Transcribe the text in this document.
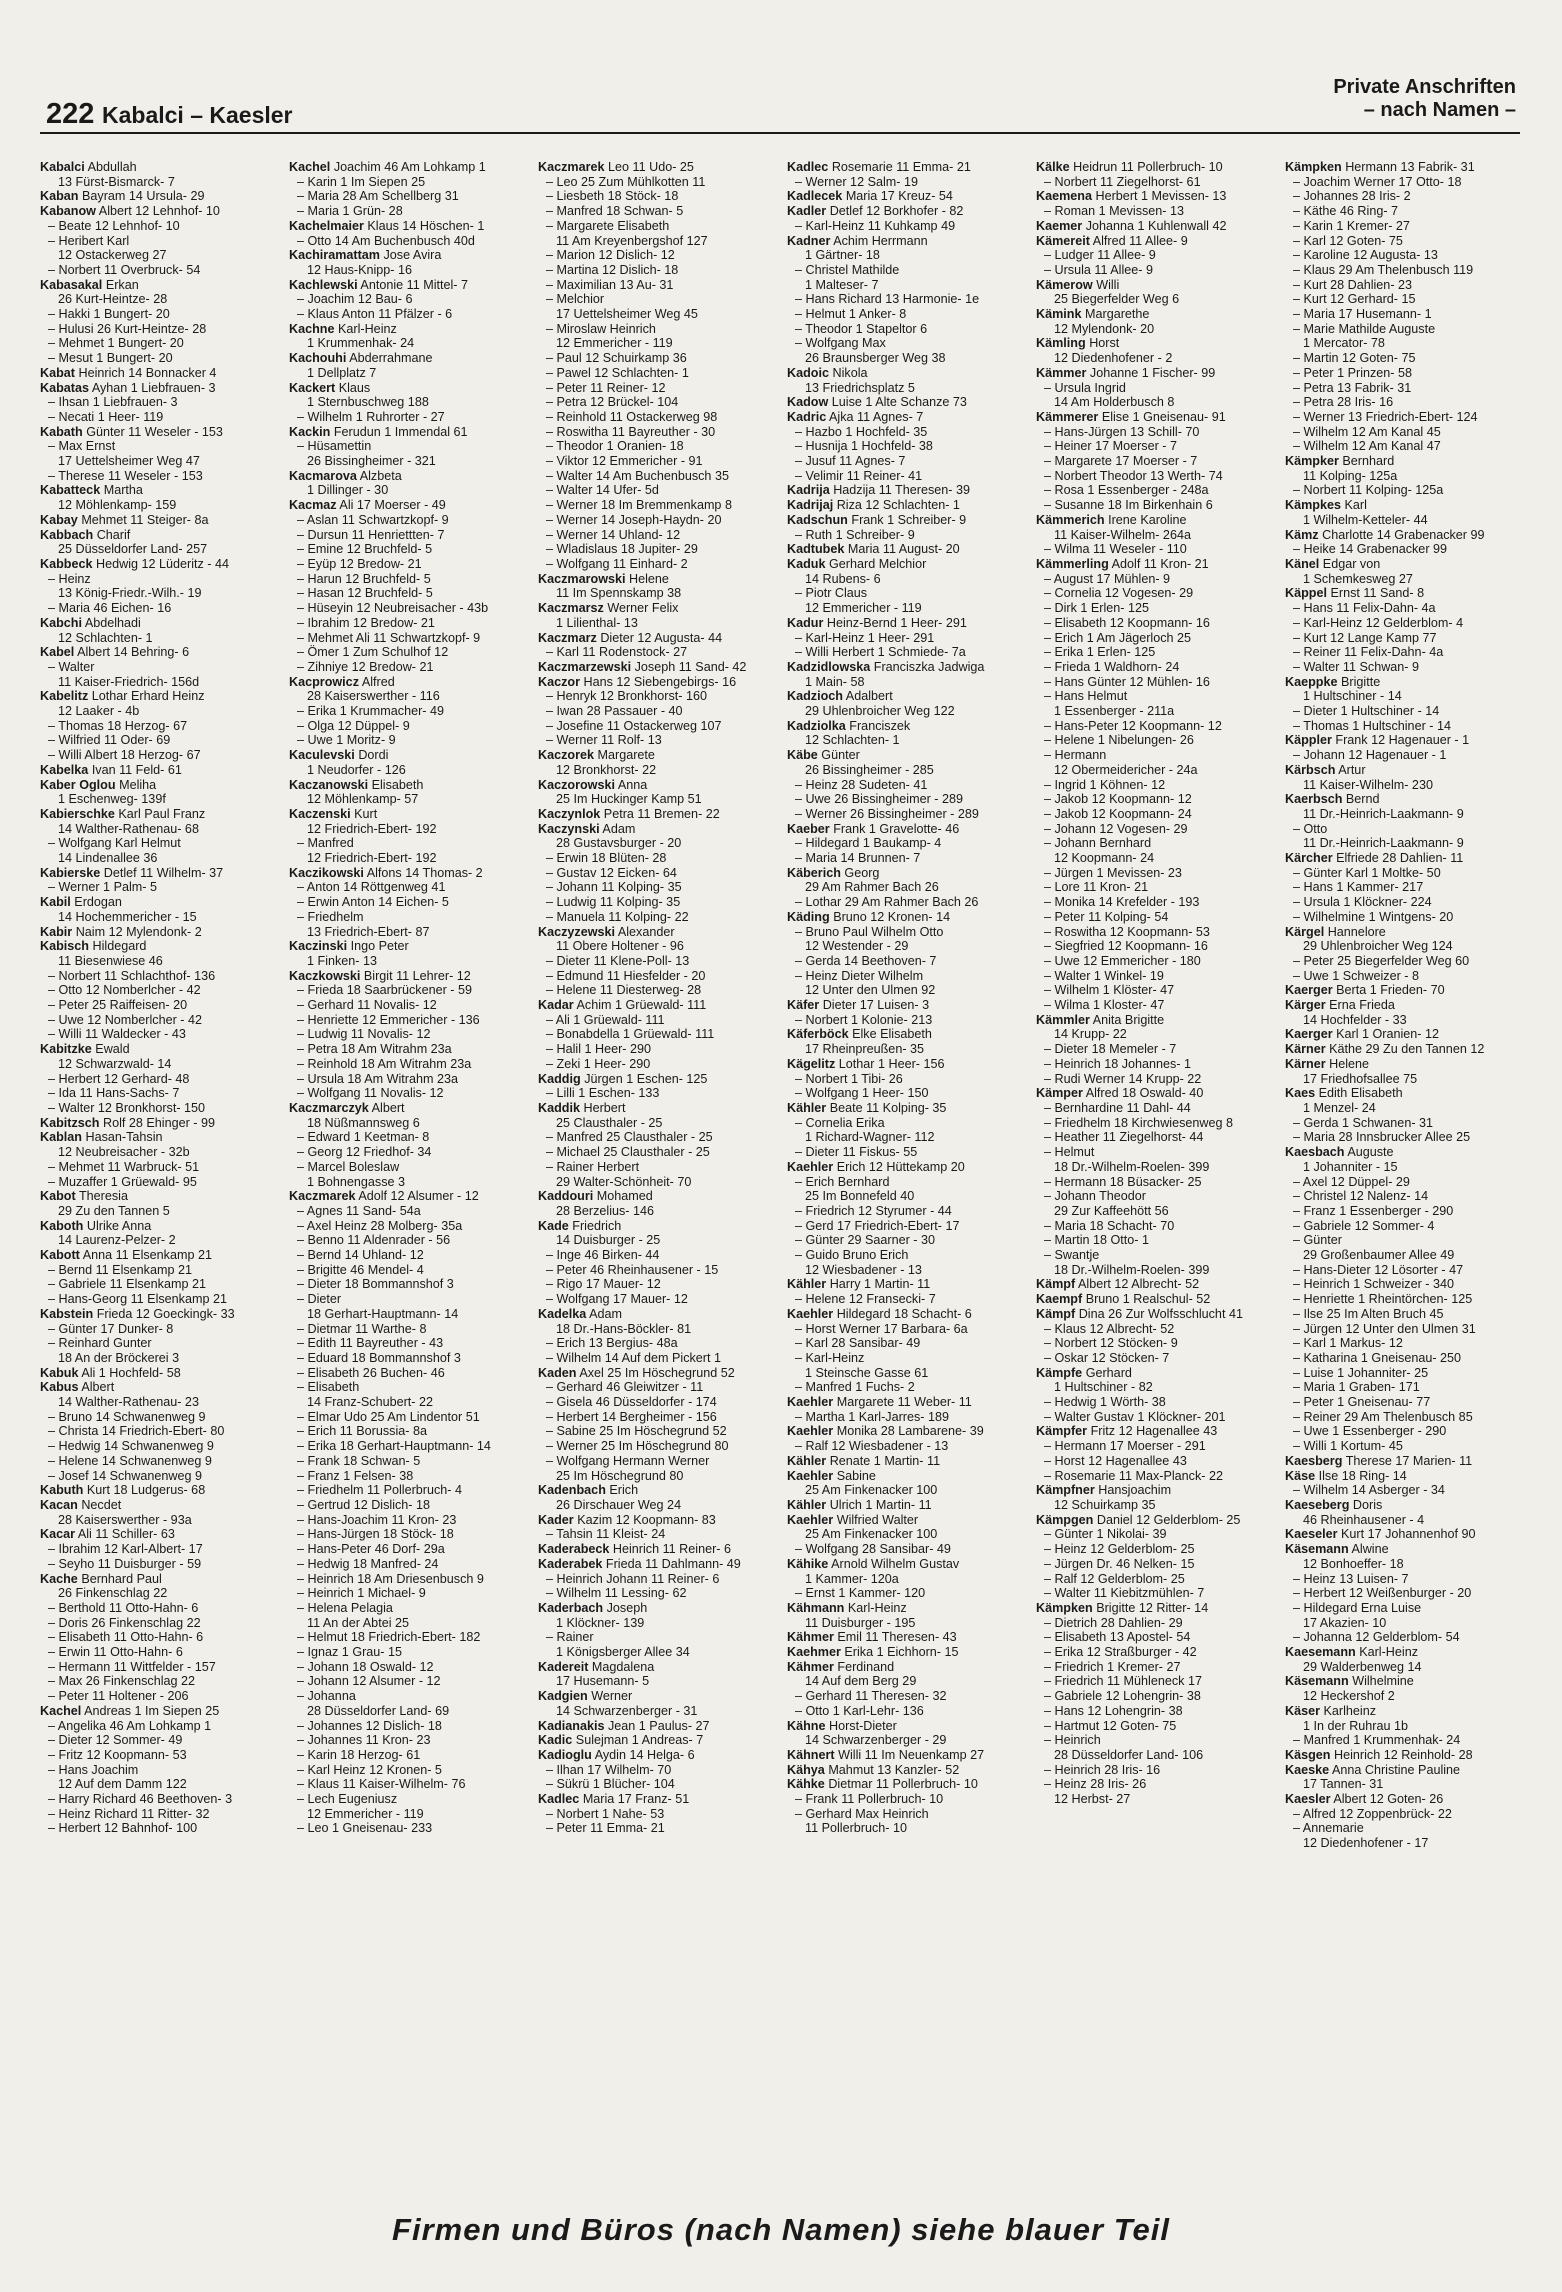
222 Kabalci – Kaesler
Private Anschriften
– nach Namen –
Kabalci Abdullah
13 Fürst-Bismarck- 7
Kaban Bayram 14 Ursula- 29
Kabanow Albert 12 Lehnhof- 10
– Beate 12 Lehnhof- 10
– Heribert Karl
12 Ostackerweg 27
– Norbert 11 Overbruck- 54
Kabasakal Erkan
26 Kurt-Heintze- 28
– Hakki 1 Bungert- 20
– Hulusi 26 Kurt-Heintze- 28
– Mehmet 1 Bungert- 20
– Mesut 1 Bungert- 20
Kabat Heinrich 14 Bonnacker 4
Kabatas Ayhan 1 Liebfrauen- 3
– Ihsan 1 Liebfrauen- 3
– Necati 1 Heer- 119
Kabath Günter 11 Weseler - 153
– Max Ernst
17 Uettelsheimer Weg 47
– Therese 11 Weseler - 153
Kabatteck Martha
12 Möhlenkamp- 159
Kabay Mehmet 11 Steiger- 8a
Kabbach Charif
25 Düsseldorfer Land- 257
Kabbeck Hedwig 12 Lüderitz - 44
– Heinz
13 König-Friedr.-Wilh.- 19
– Maria 46 Eichen- 16
Kabchi Abdelhadi
12 Schlachten- 1
Kabel Albert 14 Behring- 6
– Walter
11 Kaiser-Friedrich- 156d
Kabelitz Lothar Erhard Heinz
12 Laaker - 4b
– Thomas 18 Herzog- 67
– Wilfried 11 Oder- 69
– Willi Albert 18 Herzog- 67
Kabelka Ivan 11 Feld- 61
Kaber Oglou Meliha
1 Eschenweg- 139f
Kabierschke Karl Paul Franz
14 Walther-Rathenau- 68
– Wolfgang Karl Helmut
14 Lindenallee 36
Kabierske Detlef 11 Wilhelm- 37
– Werner 1 Palm- 5
Kabil Erdogan
14 Hochemmericher - 15
Kabir Naim 12 Mylendonk- 2
Kabisch Hildegard
11 Biesenwiese 46
– Norbert 11 Schlachthof- 136
– Otto 12 Nomberlcher - 42
– Peter 25 Raiffeisen- 20
– Uwe 12 Nomberlcher - 42
– Willi 11 Waldecker - 43
Kabitzke Ewald
12 Schwarzwald- 14
– Herbert 12 Gerhard- 48
– Ida 11 Hans-Sachs- 7
– Walter 12 Bronkhorst- 150
Kabitzsch Rolf 28 Ehinger - 99
Kablan Hasan-Tahsin
12 Neubreisacher - 32b
– Mehmet 11 Warbruck- 51
– Muzaffer 1 Grüewald- 95
Kabot Theresia
29 Zu den Tannen 5
Kaboth Ulrike Anna
14 Laurenz-Pelzer- 2
Kabott Anna 11 Elsenkamp 21
– Bernd 11 Elsenkamp 21
– Gabriele 11 Elsenkamp 21
– Hans-Georg 11 Elsenkamp 21
Kabstein Frieda 12 Goeckingk- 33
– Günter 17 Dunker- 8
– Reinhard Gunter
18 An der Bröckerei 3
Kabuk Ali 1 Hochfeld- 58
Kabus Albert
14 Walther-Rathenau- 23
– Bruno 14 Schwanenweg 9
– Christa 14 Friedrich-Ebert- 80
– Hedwig 14 Schwanenweg 9
– Helene 14 Schwanenweg 9
– Josef 14 Schwanenweg 9
Kabuth Kurt 18 Ludgerus- 68
Kacan Necdet
28 Kaiserswerther - 93a
Kacar Ali 11 Schiller- 63
– Ibrahim 12 Karl-Albert- 17
– Seyho 11 Duisburger - 59
Kache Bernhard Paul
26 Finkenschlag 22
– Berthold 11 Otto-Hahn- 6
– Doris 26 Finkenschlag 22
– Elisabeth 11 Otto-Hahn- 6
– Erwin 11 Otto-Hahn- 6
– Hermann 11 Wittfelder - 157
– Max 26 Finkenschlag 22
– Peter 11 Holtener - 206
Kachel Andreas 1 Im Siepen 25
– Angelika 46 Am Lohkamp 1
– Dieter 12 Sommer- 49
– Fritz 12 Koopmann- 53
– Hans Joachim
12 Auf dem Damm 122
– Harry Richard 46 Beethoven- 3
– Heinz Richard 11 Ritter- 32
– Herbert 12 Bahnhof- 100
Kachel Joachim 46 Am Lohkamp 1
– Karin 1 Im Siepen 25
– Maria 28 Am Schellberg 31
– Maria 1 Grün- 28
Kachelmaier Klaus 14 Höschen- 1
– Otto 14 Am Buchenbusch 40d
Kachiramattam Jose Avira
12 Haus-Knipp- 16
Kachlewski Antonie 11 Mittel- 7
– Joachim 12 Bau- 6
– Klaus Anton 11 Pfälzer - 6
Kachne Karl-Heinz
1 Krummenhak- 24
Kachouhi Abderrahmane
1 Dellplatz 7
Kackert Klaus
1 Sternbuschweg 188
– Wilhelm 1 Ruhrorter - 27
Kackin Ferudun 1 Immendal 61
– Hüsamettin
26 Bissingheimer - 321
Kacmarova Alzbeta
1 Dillinger - 30
Kacmaz Ali 17 Moerser - 49
– Aslan 11 Schwartzkopf- 9
– Dursun 11 Henriettten- 7
– Emine 12 Bruchfeld- 5
– Eyüp 12 Bredow- 21
– Harun 12 Bruchfeld- 5
– Hasan 12 Bruchfeld- 5
– Hüseyin 12 Neubreisacher - 43b
– Ibrahim 12 Bredow- 21
– Mehmet Ali 11 Schwartzkopf- 9
– Ömer 1 Zum Schulhof 12
– Zihniye 12 Bredow- 21
Kacprowicz Alfred
28 Kaiserswerther - 116
– Erika 1 Krummacher- 49
– Olga 12 Düppel- 9
– Uwe 1 Moritz- 9
Kaculevski Dordi
1 Neudorfer - 126
Kaczanowski Elisabeth
12 Möhlenkamp- 57
Kaczenski Kurt
12 Friedrich-Ebert- 192
– Manfred
12 Friedrich-Ebert- 192
Kaczikowski Alfons 14 Thomas- 2
– Anton 14 Röttgenweg 41
– Erwin Anton 14 Eichen- 5
– Friedhelm
13 Friedrich-Ebert- 87
Kaczinski Ingo Peter
1 Finken- 13
Kaczkowski Birgit 11 Lehrer- 12
– Frieda 18 Saarbrückener - 59
– Gerhard 11 Novalis- 12
– Henriette 12 Emmericher - 136
– Ludwig 11 Novalis- 12
– Petra 18 Am Witrahm 23a
– Reinhold 18 Am Witrahm 23a
– Ursula 18 Am Witrahm 23a
– Wolfgang 11 Novalis- 12
Kaczmarczyk Albert
18 Nüßmannsweg 6
– Edward 1 Keetman- 8
– Georg 12 Friedhof- 34
– Marcel Boleslaw
1 Bohnengasse 3
Kaczmarek Adolf 12 Alsumer - 12
– Agnes 11 Sand- 54a
– Axel Heinz 28 Molberg- 35a
– Benno 11 Aldenrader - 56
– Bernd 14 Uhland- 12
– Brigitte 46 Mendel- 4
– Dieter 18 Bommannshof 3
– Dieter
18 Gerhart-Hauptmann- 14
– Dietmar 11 Warthe- 8
– Edith 11 Bayreuther - 43
– Eduard 18 Bommannshof 3
– Elisabeth 26 Buchen- 46
– Elisabeth
14 Franz-Schubert- 22
– Elmar Udo 25 Am Lindentor 51
– Erich 11 Borussia- 8a
– Erika 18 Gerhart-Hauptmann- 14
– Frank 18 Schwan- 5
– Franz 1 Felsen- 38
– Friedhelm 11 Pollerbruch- 4
– Gertrud 12 Dislich- 18
– Hans-Joachim 11 Kron- 23
– Hans-Jürgen 18 Stöck- 18
– Hans-Peter 46 Dorf- 29a
– Hedwig 18 Manfred- 24
– Heinrich 18 Am Driesenbusch 9
– Heinrich 1 Michael- 9
– Helena Pelagia
11 An der Abtei 25
– Helmut 18 Friedrich-Ebert- 182
– Ignaz 1 Grau- 15
– Johann 18 Oswald- 12
– Johann 12 Alsumer - 12
– Johanna
28 Düsseldorfer Land- 69
– Johannes 12 Dislich- 18
– Johannes 11 Kron- 23
– Karin 18 Herzog- 61
– Karl Heinz 12 Kronen- 5
– Klaus 11 Kaiser-Wilhelm- 76
– Lech Eugeniusz
12 Emmericher - 119
– Leo 1 Gneisenau- 233
Kaczmarek Leo 11 Udo- 25
– Leo 25 Zum Mühlkotten 11
– Liesbeth 18 Stöck- 18
– Manfred 18 Schwan- 5
– Margarete Elisabeth
11 Am Kreyenbergshof 127
– Marion 12 Dislich- 12
– Martina 12 Dislich- 18
– Maximilian 13 Au- 31
– Melchior
17 Uettelsheimer Weg 45
– Miroslaw Heinrich
12 Emmericher - 119
– Paul 12 Schuirkamp 36
– Pawel 12 Schlachten- 1
– Peter 11 Reiner- 12
– Petra 12 Brückel- 104
– Reinhold 11 Ostackerweg 98
– Roswitha 11 Bayreuther - 30
– Theodor 1 Oranien- 18
– Viktor 12 Emmericher - 91
– Walter 14 Am Buchenbusch 35
– Walter 14 Ufer- 5d
– Werner 18 Im Bremmenkamp 8
– Werner 14 Joseph-Haydn- 20
– Werner 14 Uhland- 12
– Wladislaus 18 Jupiter- 29
– Wolfgang 11 Einhard- 2
Kaczmarowski Helene
11 Im Spennskamp 38
Kaczmarsz Werner Felix
1 Lilienthal- 13
Kaczmarz Dieter 12 Augusta- 44
– Karl 11 Rodenstock- 27
Kaczmarzewski Joseph 11 Sand- 42
Kaczor Hans 12 Siebengebirgs- 16
– Henryk 12 Bronkhorst- 160
– Iwan 28 Passauer - 40
– Josefine 11 Ostackerweg 107
– Werner 11 Rolf- 13
Kaczorek Margarete
12 Bronkhorst- 22
Kaczorowski Anna
25 Im Huckinger Kamp 51
Kaczynlok Petra 11 Bremen- 22
Kaczynski Adam
28 Gustavsburger - 20
– Erwin 18 Blüten- 28
– Gustav 12 Eicken- 64
– Johann 11 Kolping- 35
– Ludwig 11 Kolping- 35
– Manuela 11 Kolping- 22
Kaczyzewski Alexander
11 Obere Holtener - 96
– Dieter 11 Klene-Poll- 13
– Edmund 11 Hiesfelder - 20
– Helene 11 Diesterweg- 28
Kadar Achim 1 Grüewald- 111
– Ali 1 Grüewald- 111
– Bonabdella 1 Grüewald- 111
– Halil 1 Heer- 290
– Zeki 1 Heer- 290
Kaddig Jürgen 1 Eschen- 125
– Lilli 1 Eschen- 133
Kaddik Herbert
25 Clausthaler - 25
– Manfred 25 Clausthaler - 25
– Michael 25 Clausthaler - 25
– Rainer Herbert
29 Walter-Schönheit- 70
Kaddouri Mohamed
28 Berzelius- 146
Kade Friedrich
14 Duisburger - 25
– Inge 46 Birken- 44
– Peter 46 Rheinhausener - 15
– Rigo 17 Mauer- 12
– Wolfgang 17 Mauer- 12
Kadelka Adam
18 Dr.-Hans-Böckler- 81
– Erich 13 Bergius- 48a
– Wilhelm 14 Auf dem Pickert 1
Kaden Axel 25 Im Höschegrund 52
– Gerhard 46 Gleiwitzer - 11
– Gisela 46 Düsseldorfer - 174
– Herbert 14 Bergheimer - 156
– Sabine 25 Im Höschegrund 52
– Werner 25 Im Höschegrund 80
– Wolfgang Hermann Werner
25 Im Höschegrund 80
Kadenbach Erich
26 Dirschauer Weg 24
Kader Kazim 12 Koopmann- 83
– Tahsin 11 Kleist- 24
Kaderabeck Heinrich 11 Reiner- 6
Kaderabek Frieda 11 Dahlmann- 49
– Heinrich Johann 11 Reiner- 6
– Wilhelm 11 Lessing- 62
Kaderbach Joseph
1 Klöckner- 139
– Rainer
1 Königsberger Allee 34
Kadereit Magdalena
17 Husemann- 5
Kadgien Werner
14 Schwarzenberger - 31
Kadianakis Jean 1 Paulus- 27
Kadic Sulejman 1 Andreas- 7
Kadioglu Aydin 14 Helga- 6
– Ilhan 17 Wilhelm- 70
– Sükrü 1 Blücher- 104
Kadlec Maria 17 Franz- 51
– Norbert 1 Nahe- 53
– Peter 11 Emma- 21
Kadlec Rosemarie 11 Emma- 21
– Werner 12 Salm- 19
Kadlecek Maria 17 Kreuz- 54
Kadler Detlef 12 Borkhofer - 82
– Karl-Heinz 11 Kuhkamp 49
Kadner Achim Herrmann
1 Gärtner- 18
– Christel Mathilde
1 Malteser- 7
– Hans Richard 13 Harmonie- 1e
– Helmut 1 Anker- 8
– Theodor 1 Stapeltor 6
– Wolfgang Max
26 Braunsberger Weg 38
Kadoic Nikola
13 Friedrichsplatz 5
Kadow Luise 1 Alte Schanze 73
Kadric Ajka 11 Agnes- 7
– Hazbo 1 Hochfeld- 35
– Husnija 1 Hochfeld- 38
– Jusuf 11 Agnes- 7
– Velimir 11 Reiner- 41
Kadrija Hadzija 11 Theresen- 39
Kadrijaj Riza 12 Schlachten- 1
Kadschun Frank 1 Schreiber- 9
– Ruth 1 Schreiber- 9
Kadtubek Maria 11 August- 20
Kaduk Gerhard Melchior
14 Rubens- 6
– Piotr Claus
12 Emmericher - 119
Kadur Heinz-Bernd 1 Heer- 291
– Karl-Heinz 1 Heer- 291
– Willi Herbert 1 Schmiede- 7a
Kadzidlowska Franciszka Jadwiga
1 Main- 58
Kadzioch Adalbert
29 Uhlenbroicher Weg 122
Kadziolka Franciszek
12 Schlachten- 1
Käbe Günter
26 Bissingheimer - 285
– Heinz 28 Sudeten- 41
– Uwe 26 Bissingheimer - 289
– Werner 26 Bissingheimer - 289
Kaeber Frank 1 Gravelotte- 46
– Hildegard 1 Baukamp- 4
– Maria 14 Brunnen- 7
Käberich Georg
29 Am Rahmer Bach 26
– Lothar 29 Am Rahmer Bach 26
Käding Bruno 12 Kronen- 14
– Bruno Paul Wilhelm Otto
12 Westender - 29
– Gerda 14 Beethoven- 7
– Heinz Dieter Wilhelm
12 Unter den Ulmen 92
Käfer Dieter 17 Luisen- 3
– Norbert 1 Kolonie- 213
Käferböck Elke Elisabeth
17 Rheinpreußen- 35
Kägelitz Lothar 1 Heer- 156
– Norbert 1 Tibi- 26
– Wolfgang 1 Heer- 150
Kähler Beate 11 Kolping- 35
– Cornelia Erika
1 Richard-Wagner- 112
– Dieter 11 Fiskus- 55
Kaehler Erich 12 Hüttekamp 20
– Erich Bernhard
25 Im Bonnefeld 40
– Friedrich 12 Styrumer - 44
– Gerd 17 Friedrich-Ebert- 17
– Günter 29 Saarner - 30
– Guido Bruno Erich
12 Wiesbadener - 13
Kähler Harry 1 Martin- 11
– Helene 12 Fransecki- 7
Kaehler Hildegard 18 Schacht- 6
– Horst Werner 17 Barbara- 6a
– Karl 28 Sansibar- 49
– Karl-Heinz
1 Steinsche Gasse 61
– Manfred 1 Fuchs- 2
Kaehler Margarete 11 Weber- 11
– Martha 1 Karl-Jarres- 189
Kaehler Monika 28 Lambarene- 39
– Ralf 12 Wiesbadener - 13
Kähler Renate 1 Martin- 11
Kaehler Sabine
25 Am Finkenacker 100
Kähler Ulrich 1 Martin- 11
Kaehler Wilfried Walter
25 Am Finkenacker 100
– Wolfgang 28 Sansibar- 49
Kähike Arnold Wilhelm Gustav
1 Kammer- 120a
– Ernst 1 Kammer- 120
Kähmann Karl-Heinz
11 Duisburger - 195
Kähmer Emil 11 Theresen- 43
Kaehmer Erika 1 Eichhorn- 15
Kähmer Ferdinand
14 Auf dem Berg 29
– Gerhard 11 Theresen- 32
– Otto 1 Karl-Lehr- 136
Kähne Horst-Dieter
14 Schwarzenberger - 29
Kähnert Willi 11 Im Neuenkamp 27
Kähya Mahmut 13 Kanzler- 52
Kähke Dietmar 11 Pollerbruch- 10
– Frank 11 Pollerbruch- 10
– Gerhard Max Heinrich
11 Pollerbruch- 10
Kälke Heidrun 11 Pollerbruch- 10
– Norbert 11 Ziegelhorst- 61
Kaemena Herbert 1 Mevissen- 13
– Roman 1 Mevissen- 13
Kaemer Johanna 1 Kuhlenwall 42
Kämereit Alfred 11 Allee- 9
– Ludger 11 Allee- 9
– Ursula 11 Allee- 9
Kämerow Willi
25 Biegerfelder Weg 6
Kämink Margarethe
12 Mylendonk- 20
Kämling Horst
12 Diedenhofener - 2
Kämmer Johanne 1 Fischer- 99
– Ursula Ingrid
14 Am Holderbusch 8
Kämmerer Elise 1 Gneisenau- 91
– Hans-Jürgen 13 Schill- 70
– Heiner 17 Moerser - 7
– Margarete 17 Moerser - 7
– Norbert Theodor 13 Werth- 74
– Rosa 1 Essenberger - 248a
– Susanne 18 Im Birkenhain 6
Kämmerich Irene Karoline
11 Kaiser-Wilhelm- 264a
– Wilma 11 Weseler - 110
Kämmerling Adolf 11 Kron- 21
– August 17 Mühlen- 9
– Cornelia 12 Vogesen- 29
– Dirk 1 Erlen- 125
– Elisabeth 12 Koopmann- 16
– Erich 1 Am Jägerloch 25
– Erika 1 Erlen- 125
– Frieda 1 Waldhorn- 24
– Hans Günter 12 Mühlen- 16
– Hans Helmut
1 Essenberger - 211a
– Hans-Peter 12 Koopmann- 12
– Helene 1 Nibelungen- 26
– Hermann
12 Obermeidericher - 24a
– Ingrid 1 Köhnen- 12
– Jakob 12 Koopmann- 12
– Jakob 12 Koopmann- 24
– Johann 12 Vogesen- 29
– Johann Bernhard
12 Koopmann- 24
– Jürgen 1 Mevissen- 23
– Lore 11 Kron- 21
– Monika 14 Krefelder - 193
– Peter 11 Kolping- 54
– Roswitha 12 Koopmann- 53
– Siegfried 12 Koopmann- 16
– Uwe 12 Emmericher - 180
– Walter 1 Winkel- 19
– Wilhelm 1 Klöster- 47
– Wilma 1 Kloster- 47
Kämmler Anita Brigitte
14 Krupp- 22
– Dieter 18 Memeler - 7
– Heinrich 18 Johannes- 1
– Rudi Werner 14 Krupp- 22
Kämper Alfred 18 Oswald- 40
– Bernhardine 11 Dahl- 44
– Friedhelm 18 Kirchwiesenweg 8
– Heather 11 Ziegelhorst- 44
– Helmut
18 Dr.-Wilhelm-Roelen- 399
– Hermann 18 Büsacker- 25
– Johann Theodor
29 Zur Kaffeehött 56
– Maria 18 Schacht- 70
– Martin 18 Otto- 1
– Swantje
18 Dr.-Wilhelm-Roelen- 399
Kämpf Albert 12 Albrecht- 52
Kaempf Bruno 1 Realschul- 52
Kämpf Dina 26 Zur Wolfsschlucht 41
– Klaus 12 Albrecht- 52
– Norbert 12 Stöcken- 9
– Oskar 12 Stöcken- 7
Kämpfe Gerhard
1 Hultschiner - 82
– Hedwig 1 Wörth- 38
– Walter Gustav 1 Klöckner- 201
Kämpfer Fritz 12 Hagenallee 43
– Hermann 17 Moerser - 291
– Horst 12 Hagenallee 43
– Rosemarie 11 Max-Planck- 22
Kämpfner Hansjoachim
12 Schuirkamp 35
Kämpgen Daniel 12 Gelderblom- 25
– Günter 1 Nikolai- 39
– Heinz 12 Gelderblom- 25
– Jürgen Dr. 46 Nelken- 15
– Ralf 12 Gelderblom- 25
– Walter 11 Kiebitzmühlen- 7
Kämpken Brigitte 12 Ritter- 14
– Dietrich 28 Dahlien- 29
– Elisabeth 13 Apostel- 54
– Erika 12 Straßburger - 42
– Friedrich 1 Kremer- 27
– Friedrich 11 Mühleneck 17
– Gabriele 12 Lohengrin- 38
– Hans 12 Lohengrin- 38
– Hartmut 12 Goten- 75
– Heinrich
28 Düsseldorfer Land- 106
– Heinrich 28 Iris- 16
– Heinz 28 Iris- 26
12 Herbst- 27
Kämpken Hermann 13 Fabrik- 31
– Joachim Werner 17 Otto- 18
– Johannes 28 Iris- 2
– Käthe 46 Ring- 7
– Karin 1 Kremer- 27
– Karl 12 Goten- 75
– Karoline 12 Augusta- 13
– Klaus 29 Am Thelenbusch 119
– Kurt 28 Dahlien- 23
– Kurt 12 Gerhard- 15
– Maria 17 Husemann- 1
– Marie Mathilde Auguste
1 Mercator- 78
– Martin 12 Goten- 75
– Peter 1 Prinzen- 58
– Petra 13 Fabrik- 31
– Petra 28 Iris- 16
– Werner 13 Friedrich-Ebert- 124
– Wilhelm 12 Am Kanal 45
– Wilhelm 12 Am Kanal 47
Kämpker Bernhard
11 Kolping- 125a
– Norbert 11 Kolping- 125a
Kämpkes Karl
1 Wilhelm-Ketteler- 44
Kämz Charlotte 14 Grabenacker 99
– Heike 14 Grabenacker 99
Känel Edgar von
1 Schemkesweg 27
Käppel Ernst 11 Sand- 8
– Hans 11 Felix-Dahn- 4a
– Karl-Heinz 12 Gelderblom- 4
– Kurt 12 Lange Kamp 77
– Reiner 11 Felix-Dahn- 4a
– Walter 11 Schwan- 9
Kaeppke Brigitte
1 Hultschiner - 14
– Dieter 1 Hultschiner - 14
– Thomas 1 Hultschiner - 14
Käppler Frank 12 Hagenauer - 1
– Johann 12 Hagenauer - 1
Kärbsch Artur
11 Kaiser-Wilhelm- 230
Kaerbsch Bernd
11 Dr.-Heinrich-Laakmann- 9
– Otto
11 Dr.-Heinrich-Laakmann- 9
Kärcher Elfriede 28 Dahlien- 11
– Günter Karl 1 Moltke- 50
– Hans 1 Kammer- 217
– Ursula 1 Klöckner- 224
– Wilhelmine 1 Wintgens- 20
Kärgel Hannelore
29 Uhlenbroicher Weg 124
– Peter 25 Biegerfelder Weg 60
– Uwe 1 Schweizer - 8
Kaerger Berta 1 Frieden- 70
Kärger Erna Frieda
14 Hochfelder - 33
Kaerger Karl 1 Oranien- 12
Kärner Käthe 29 Zu den Tannen 12
Kärner Helene
17 Friedhofsallee 75
Kaes Edith Elisabeth
1 Menzel- 24
– Gerda 1 Schwanen- 31
– Maria 28 Innsbrucker Allee 25
Kaesbach Auguste
1 Johanniter - 15
– Axel 12 Düppel- 29
– Christel 12 Nalenz- 14
– Franz 1 Essenberger - 290
– Gabriele 12 Sommer- 4
– Günter
29 Großenbaumer Allee 49
– Hans-Dieter 12 Lösorter - 47
– Heinrich 1 Schweizer - 340
– Henriette 1 Rheintörchen- 125
– Ilse 25 Im Alten Bruch 45
– Jürgen 12 Unter den Ulmen 31
– Karl 1 Markus- 12
– Katharina 1 Gneisenau- 250
– Luise 1 Johanniter- 25
– Maria 1 Graben- 171
– Peter 1 Gneisenau- 77
– Reiner 29 Am Thelenbusch 85
– Uwe 1 Essenberger - 290
– Willi 1 Kortum- 45
Kaesberg Therese 17 Marien- 11
Käse Ilse 18 Ring- 14
– Wilhelm 14 Asberger - 34
Kaeseberg Doris
46 Rheinhausener - 4
Kaeseler Kurt 17 Johannenhof 90
Käsemann Alwine
12 Bonhoeffer- 18
– Heinz 13 Luisen- 7
– Herbert 12 Weißenburger - 20
– Hildegard Erna Luise
17 Akazien- 10
– Johanna 12 Gelderblom- 54
Kaesemann Karl-Heinz
29 Walderbenweg 14
Käsemann Wilhelmine
12 Heckershof 2
Käser Karlheinz
1 In der Ruhrau 1b
– Manfred 1 Krummenhak- 24
Käsgen Heinrich 12 Reinhold- 28
Kaeske Anna Christine Pauline
17 Tannen- 31
Kaesler Albert 12 Goten- 26
– Alfred 12 Zoppenbrück- 22
– Annemarie
12 Diedenhofener - 17
Firmen und Büros (nach Namen) siehe blauer Teil
